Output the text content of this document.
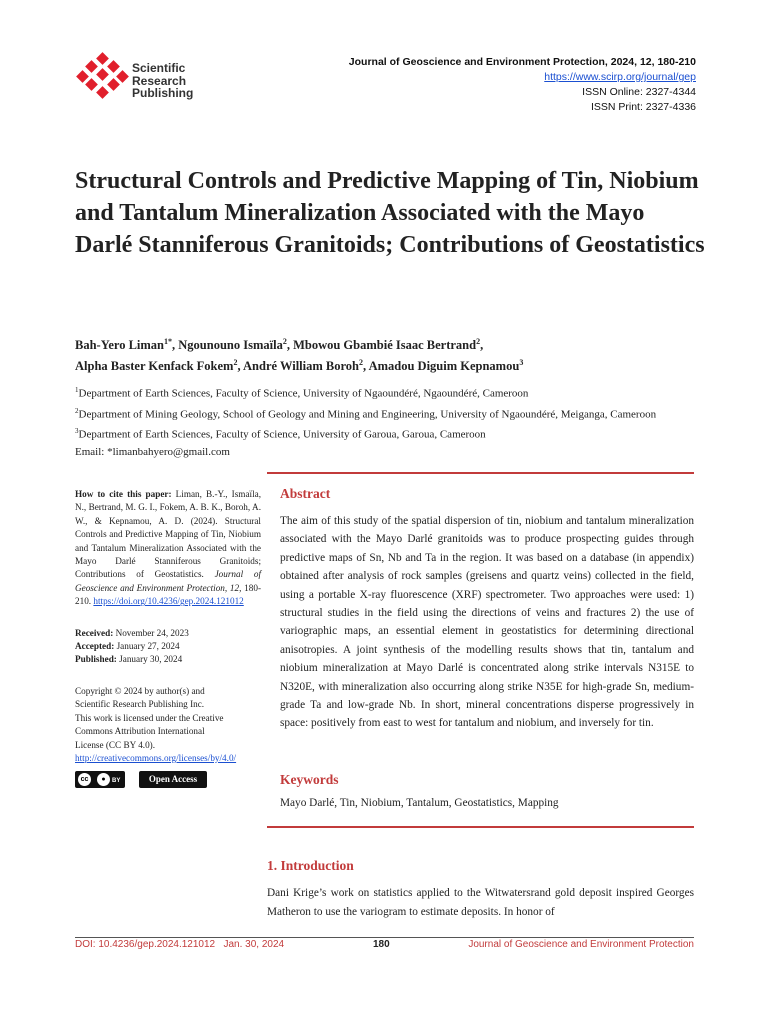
Scientific
Research
Publishing
Journal of Geoscience and Environment Protection, 2024, 12, 180-210
https://www.scirp.org/journal/gep
ISSN Online: 2327-4344
ISSN Print: 2327-4336
Structural Controls and Predictive Mapping of Tin, Niobium and Tantalum Mineralization Associated with the Mayo Darlé Stanniferous Granitoids; Contributions of Geostatistics
Bah-Yero Liman$^{1*}$, Ngounouno Ismaïla$^2$, Mbowou Gbambié Isaac Bertrand$^2$,
Alpha Baster Kenfack Fokem$^2$, André William Boroh$^2$, Amadou Diguim Kepnamou$^3$
$^1$Department of Earth Sciences, Faculty of Science, University of Ngaoundéré, Ngaoundéré, Cameroon
$^2$Department of Mining Geology, School of Geology and Mining and Engineering, University of Ngaoundéré, Meiganga, Cameroon
$^3$Department of Earth Sciences, Faculty of Science, University of Garoua, Garoua, Cameroon
Email: *limanbahyero@gmail.com
How to cite this paper: Liman, B.-Y., Ismaïla, N., Bertrand, M. G. I., Fokem, A. B. K., Boroh, A. W., & Kepnamou, A. D. (2024). Structural Controls and Predictive Mapping of Tin, Niobium and Tantalum Mineralization Associated with the Mayo Darlé Stanniferous Granitoids; Contributions of Geostatistics. Journal of Geoscience and Environment Protection, 12, 180-210. https://doi.org/10.4236/gep.2024.121012
Received: November 24, 2023
Accepted: January 27, 2024
Published: January 30, 2024
Copyright © 2024 by author(s) and
Scientific Research Publishing Inc.
This work is licensed under the Creative
Commons Attribution International
License (CC BY 4.0).
http://creativecommons.org/licenses/by/4.0/
cc	●	BY	Open Access
Abstract
The aim of this study of the spatial dispersion of tin, niobium and tantalum mineralization associated with the Mayo Darlé granitoids was to produce prospecting guides through predictive maps of Sn, Nb and Ta in the region. It was based on a database (in appendix) obtained after analysis of rock samples (greisens and quartz veins) collected in the field, using a portable X-ray fluorescence (XRF) spectrometer. Two approaches were used: 1) structural studies in the field using the directions of veins and fractures 2) the use of variographic maps, an essential element in geostatistics for determining directional anisotropies. A joint synthesis of the modelling results shows that tin, tantalum and niobium mineralization at Mayo Darlé is concentrated along strike intervals N315E to N320E, with mineralization also occurring along strike N35E for high-grade Sn, medium-grade Ta and low-grade Nb. In short, mineral concentrations disperse progressively in space: positively from east to west for tantalum and niobium, and inversely for tin.
Keywords
Mayo Darlé, Tin, Niobium, Tantalum, Geostatistics, Mapping
1. Introduction
Dani Krige’s work on statistics applied to the Witwatersrand gold deposit inspired Georges Matheron to use the variogram to estimate deposits. In honor of
DOI: 10.4236/gep.2024.121012 Jan. 30, 2024	180	Journal of Geoscience and Environment Protection
